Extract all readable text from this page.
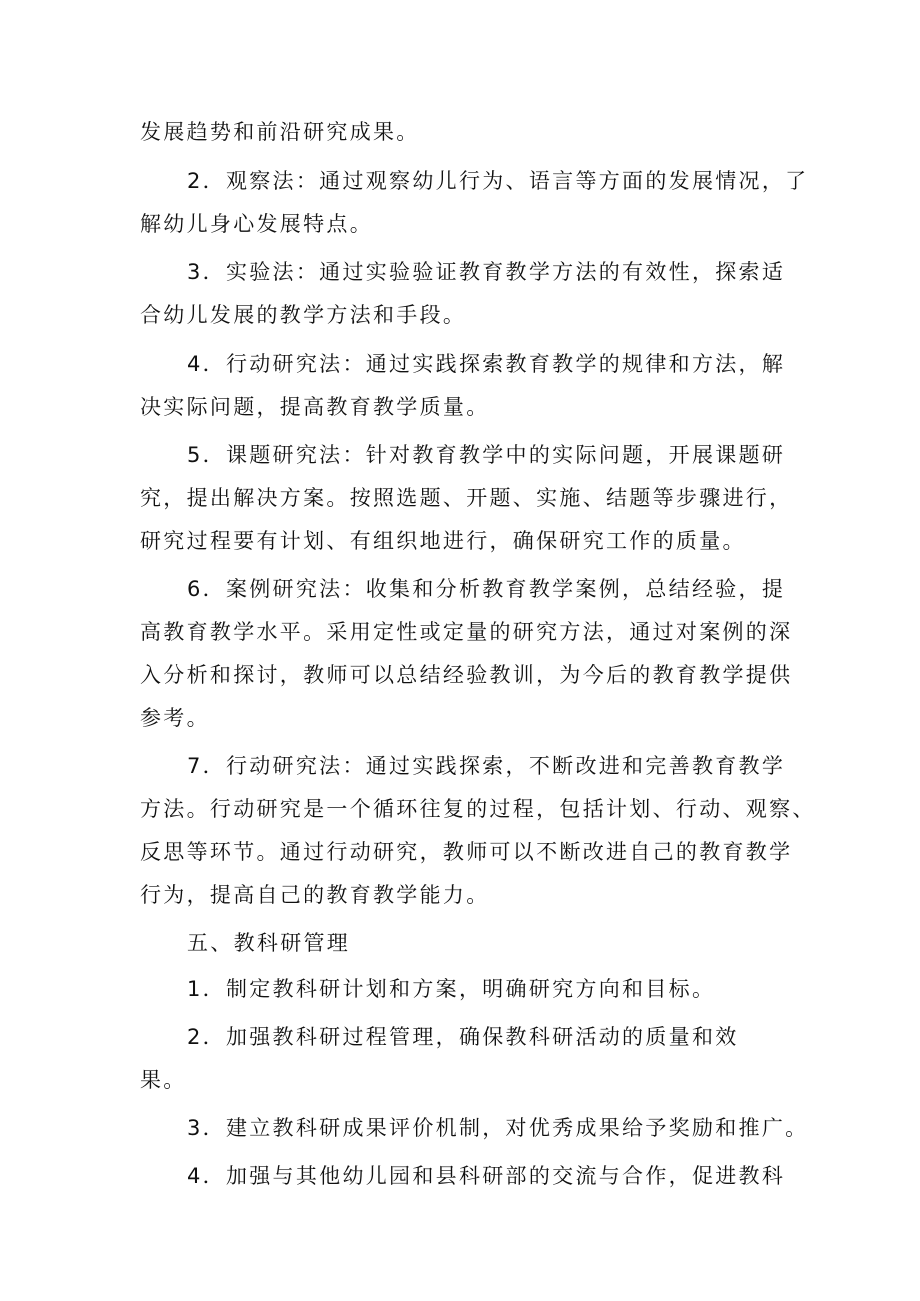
发展趋势和前沿研究成果。
2．观察法：通过观察幼儿行为、语言等方面的发展情况，了
解幼儿身心发展特点。
3．实验法：通过实验验证教育教学方法的有效性，探索适
合幼儿发展的教学方法和手段。
4．行动研究法：通过实践探索教育教学的规律和方法，解
决实际问题，提高教育教学质量。
5．课题研究法：针对教育教学中的实际问题，开展课题研
究，提出解决方案。按照选题、开题、实施、结题等步骤进行，
研究过程要有计划、有组织地进行，确保研究工作的质量。
6．案例研究法：收集和分析教育教学案例，总结经验，提
高教育教学水平。采用定性或定量的研究方法，通过对案例的深
入分析和探讨，教师可以总结经验教训，为今后的教育教学提供
参考。
7．行动研究法：通过实践探索，不断改进和完善教育教学
方法。行动研究是一个循环往复的过程，包括计划、行动、观察、
反思等环节。通过行动研究，教师可以不断改进自己的教育教学
行为，提高自己的教育教学能力。
五、教科研管理
1．制定教科研计划和方案，明确研究方向和目标。
2．加强教科研过程管理，确保教科研活动的质量和效
果。
3．建立教科研成果评价机制，对优秀成果给予奖励和推广。
4．加强与其他幼儿园和县科研部的交流与合作，促进教科
